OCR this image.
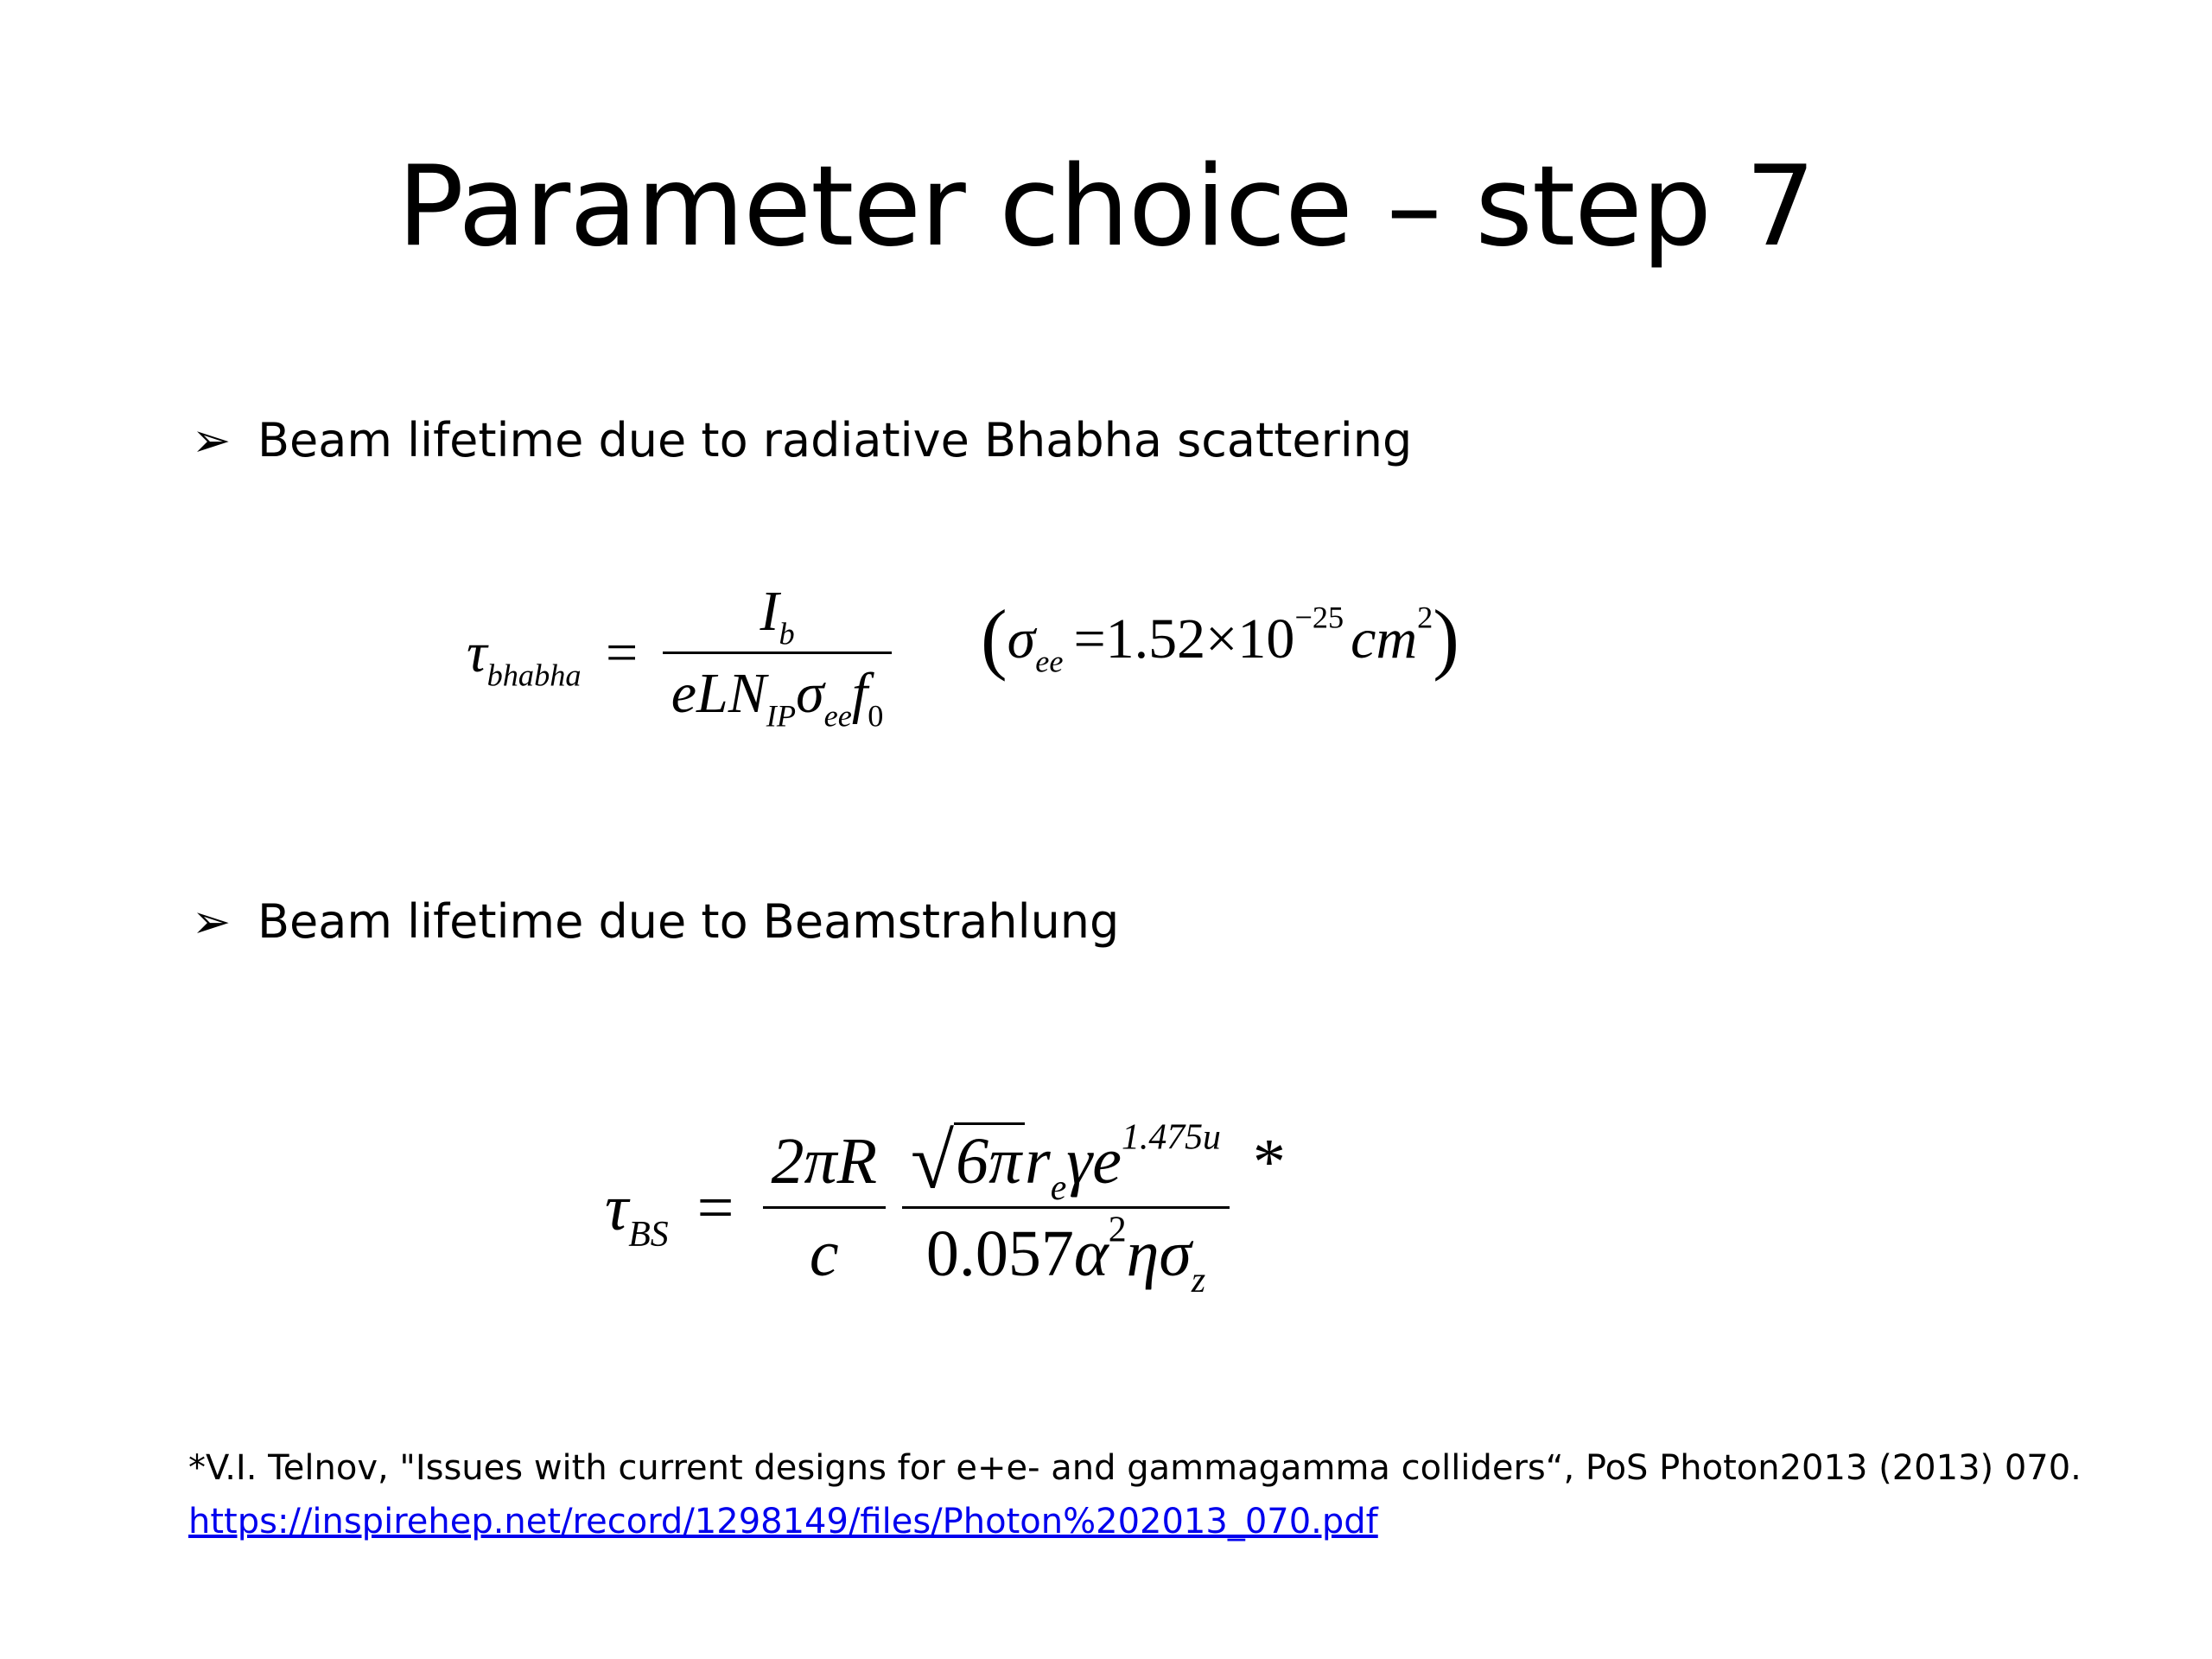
Parameter choice – step 7
➢ Beam lifetime due to radiative Bhabha scattering
$\tau_{bhabha} = \frac{I_b}{eLN_{IP}\sigma_{ee}f_0} (\sigma_{ee} =1.52\times 10^{-25}$ $cm^2$)
➢ Beam lifetime due to Beamstrahlung
$\tau_{BS} = \frac{2\pi R}{c}$
$\frac{√6\pi r_e\gamma e^{1.475u}}{0.057\alpha^2\eta\sigma_z}$ *
*V.I. Telnov, "Issues with current designs for e+e- and gammagamma colliders“, PoS Photon2013 (2013) 070.
https://inspirehep.net/record/1298149/files/Photon%202013_070.pdf
